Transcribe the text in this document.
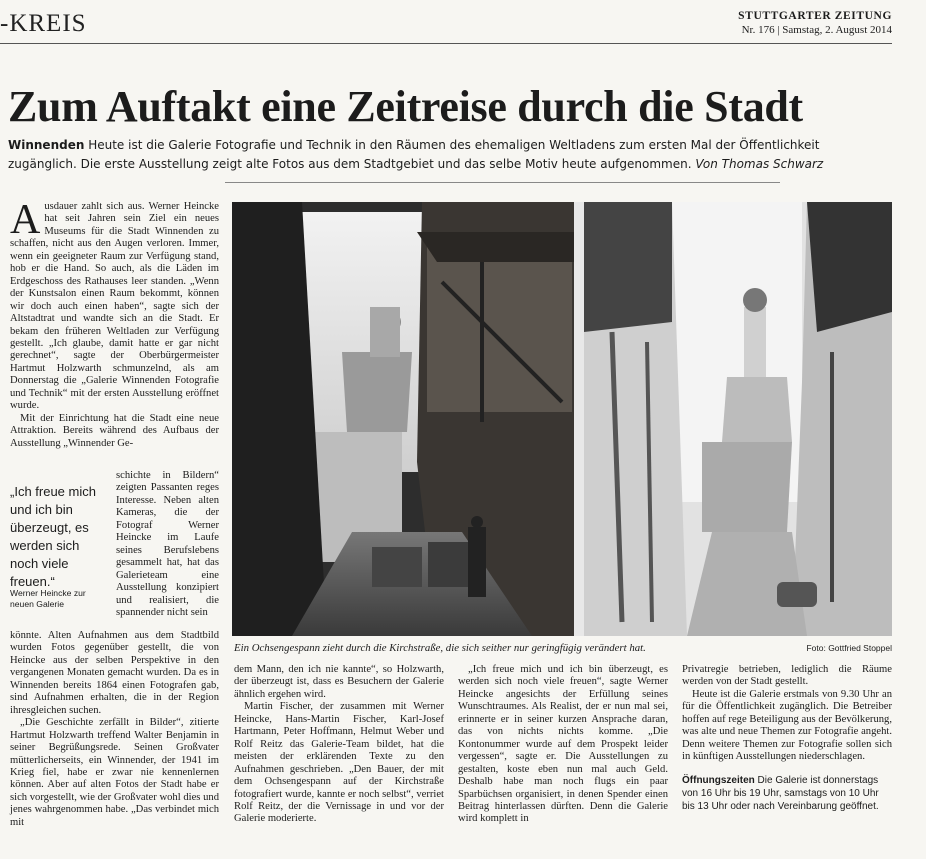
-KREIS	STUTTGARTER ZEITUNG
Nr. 176 | Samstag, 2. August 2014
Zum Auftakt eine Zeitreise durch die Stadt
Winnenden Heute ist die Galerie Fotografie und Technik in den Räumen des ehemaligen Weltladens zum ersten Mal der Öffentlichkeit zugänglich. Die erste Ausstellung zeigt alte Fotos aus dem Stadtgebiet und das selbe Motiv heute aufgenommen. Von Thomas Schwarz

Ausdauer zahlt sich aus. Werner Heincke hat seit Jahren sein Ziel ein neues Museums für die Stadt Winnenden zu schaffen, nicht aus den Augen verloren. Immer, wenn ein geeigneter Raum zur Verfügung stand, hob er die Hand. So auch, als die Läden im Erdgeschoss des Rathauses leer standen. „Wenn der Kunstsalon einen Raum bekommt, können wir doch auch einen haben“, sagte sich der Altstadtrat und wandte sich an die Stadt. Er bekam den früheren Weltladen zur Verfügung gestellt. „Ich glaube, damit hatte er gar nicht gerechnet“, sagte der Oberbürgermeister Hartmut Holzwarth schmunzelnd, als am Donnerstag die „Galerie Winnenden Fotografie und Technik“ mit der ersten Ausstellung eröffnet wurde.

Mit der Einrichtung hat die Stadt eine neue Attraktion. Bereits während des Aufbaus der Ausstellung „Winnender Ge-

schichte in Bildern“ zeigten Passanten reges Interesse. Neben alten Kameras, die der Fotograf Werner Heincke im Laufe seines Berufslebens gesammelt hat, hat das Galerieteam eine Ausstellung konzipiert und realisiert, die spannender nicht sein

„Ich freue mich und ich bin überzeugt, es werden sich noch viele freuen.“
Werner Heincke zur neuen Galerie

könnte. Alten Aufnahmen aus dem Stadtbild wurden Fotos gegenüber gestellt, die von Heincke aus der selben Perspektive in den vergangenen Monaten gemacht wurden. Da es in Winnenden bereits 1864 einen Fotografen gab, sind Aufnahmen erhalten, die in der Region ihresgleichen suchen.

„Die Geschichte zerfällt in Bilder“, zitierte Hartmut Holzwarth treffend Walter Benjamin in seiner Begrüßungsrede. Seinen Großvater mütterlicherseits, ein Winnender, der 1941 im Krieg fiel, habe er zwar nie kennenlernen können. Aber auf alten Fotos der Stadt habe er sich vorgestellt, wie der Großvater wohl dies und jenes wahrgenommen habe. „Das verbindet mich mit

Ein Ochsengespann zieht durch die Kirchstraße, die sich seither nur geringfügig verändert hat.	Foto: Gottfried Stoppel

dem Mann, den ich nie kannte“, so Holzwarth, der überzeugt ist, dass es Besuchern der Galerie ähnlich ergehen wird.

Martin Fischer, der zusammen mit Werner Heincke, Hans-Martin Fischer, Karl-Josef Hartmann, Peter Hoffmann, Helmut Weber und Rolf Reitz das Galerie-Team bildet, hat die meisten der erklärenden Texte zu den Aufnahmen geschrieben. „Den Bauer, der mit dem Ochsengespann auf der Kirchstraße fotografiert wurde, kannte er noch selbst“, verriet Rolf Reitz, der die Vernissage in und vor der Galerie moderierte.

„Ich freue mich und ich bin überzeugt, es werden sich noch viele freuen“, sagte Werner Heincke angesichts der Erfüllung seines Wunschtraumes. Als Realist, der er nun mal sei, erinnerte er in seiner kurzen Ansprache daran, das von nichts nichts komme. „Die Kontonummer wurde auf dem Prospekt leider vergessen“, sagte er. Die Ausstellungen zu gestalten, koste eben nun mal auch Geld. Deshalb habe man noch flugs ein paar Sparbüchsen organisiert, in denen Spender einen Beitrag hinterlassen dürften. Denn die Galerie wird komplett in

Privatregie betrieben, lediglich die Räume werden von der Stadt gestellt.

Heute ist die Galerie erstmals von 9.30 Uhr an für die Öffentlichkeit zugänglich. Die Betreiber hoffen auf rege Beteiligung aus der Bevölkerung, was alte und neue Themen zur Fotografie angeht. Denn weitere Themen zur Fotografie sollen sich in künftigen Ausstellungen niederschlagen.

Öffnungszeiten Die Galerie ist donnerstags von 16 Uhr bis 19 Uhr, samstags von 10 Uhr bis 13 Uhr oder nach Vereinbarung geöffnet.
